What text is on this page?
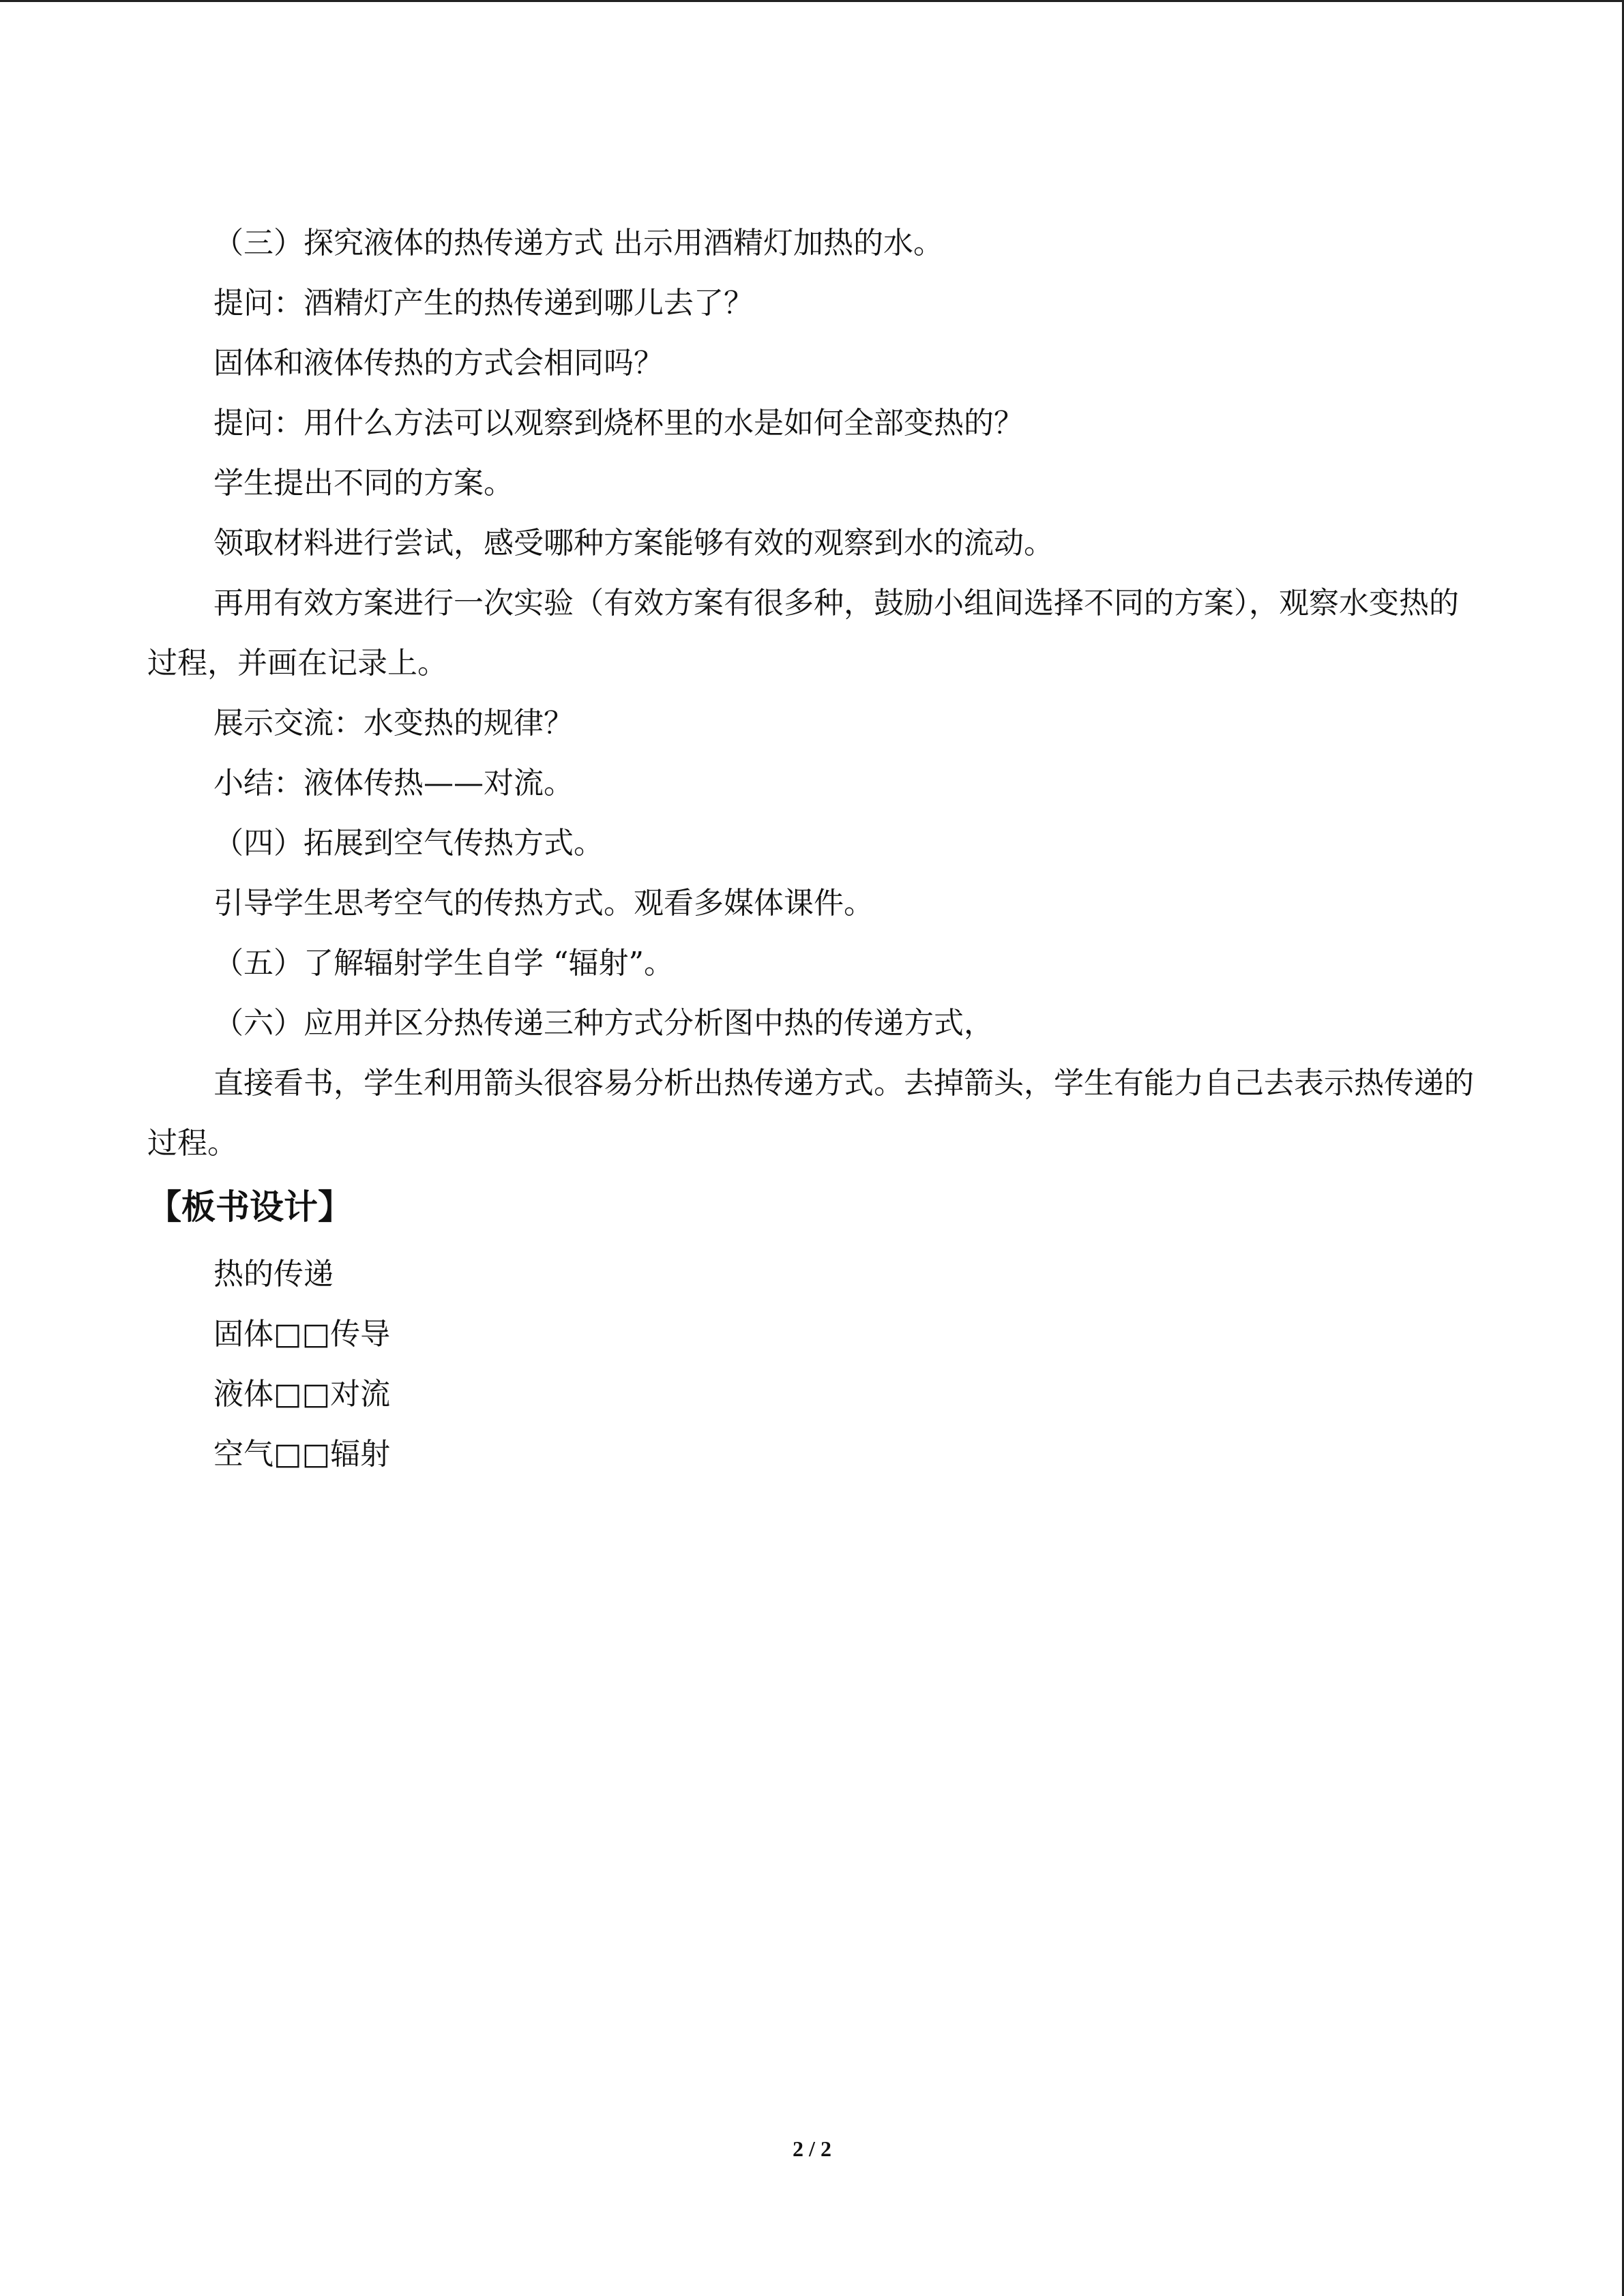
（三）探究液体的热传递方式 出示用酒精灯加热的水。

提问：酒精灯产生的热传递到哪儿去了？

固体和液体传热的方式会相同吗？

提问：用什么方法可以观察到烧杯里的水是如何全部变热的？

学生提出不同的方案。

领取材料进行尝试，感受哪种方案能够有效的观察到水的流动。

再用有效方案进行一次实验（有效方案有很多种，鼓励小组间选择不同的方案），观察水变热的过程，并画在记录上。

展示交流：水变热的规律？

小结：液体传热——对流。

（四）拓展到空气传热方式。

引导学生思考空气的传热方式。观看多媒体课件。

（五）了解辐射学生自学 “辐射”。

（六）应用并区分热传递三种方式分析图中热的传递方式，

直接看书，学生利用箭头很容易分析出热传递方式。去掉箭头，学生有能力自己去表示热传递的过程。

【板书设计】

热的传递

固体□□传导

液体□□对流

空气□□辐射

2 / 2
